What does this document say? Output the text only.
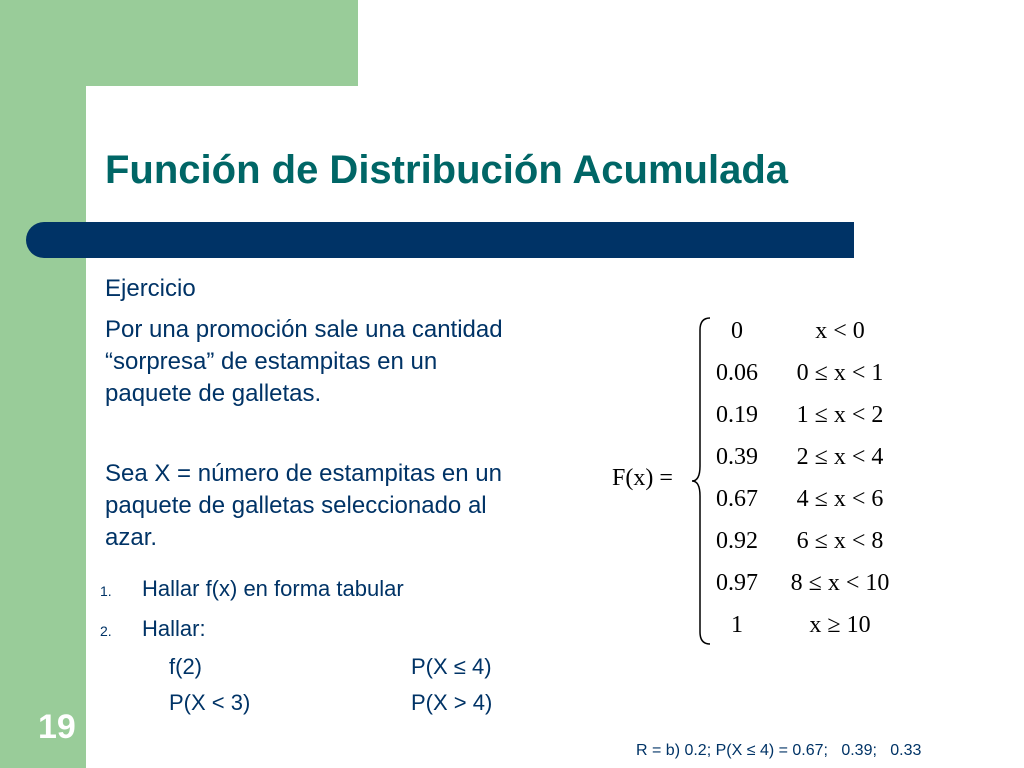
Función de Distribución Acumulada
Ejercicio
Por una promoción sale una cantidad “sorpresa” de estampitas en un paquete de galletas.
Sea X = número de estampitas en un paquete de galletas seleccionado al azar.
1. Hallar f(x) en forma tabular
2. Hallar:
f(2)	P(X ≤ 4)
P(X < 3)	P(X > 4)
F(x) =
0	x < 0
0.06	0 ≤ x < 1
0.19	1 ≤ x < 2
0.39	2 ≤ x < 4
0.67	4 ≤ x < 6
0.92	6 ≤ x < 8
0.97	8 ≤ x < 10
1	x ≥ 10
19
R = b) 0.2; P(X ≤ 4) = 0.67;   0.39;   0.33
